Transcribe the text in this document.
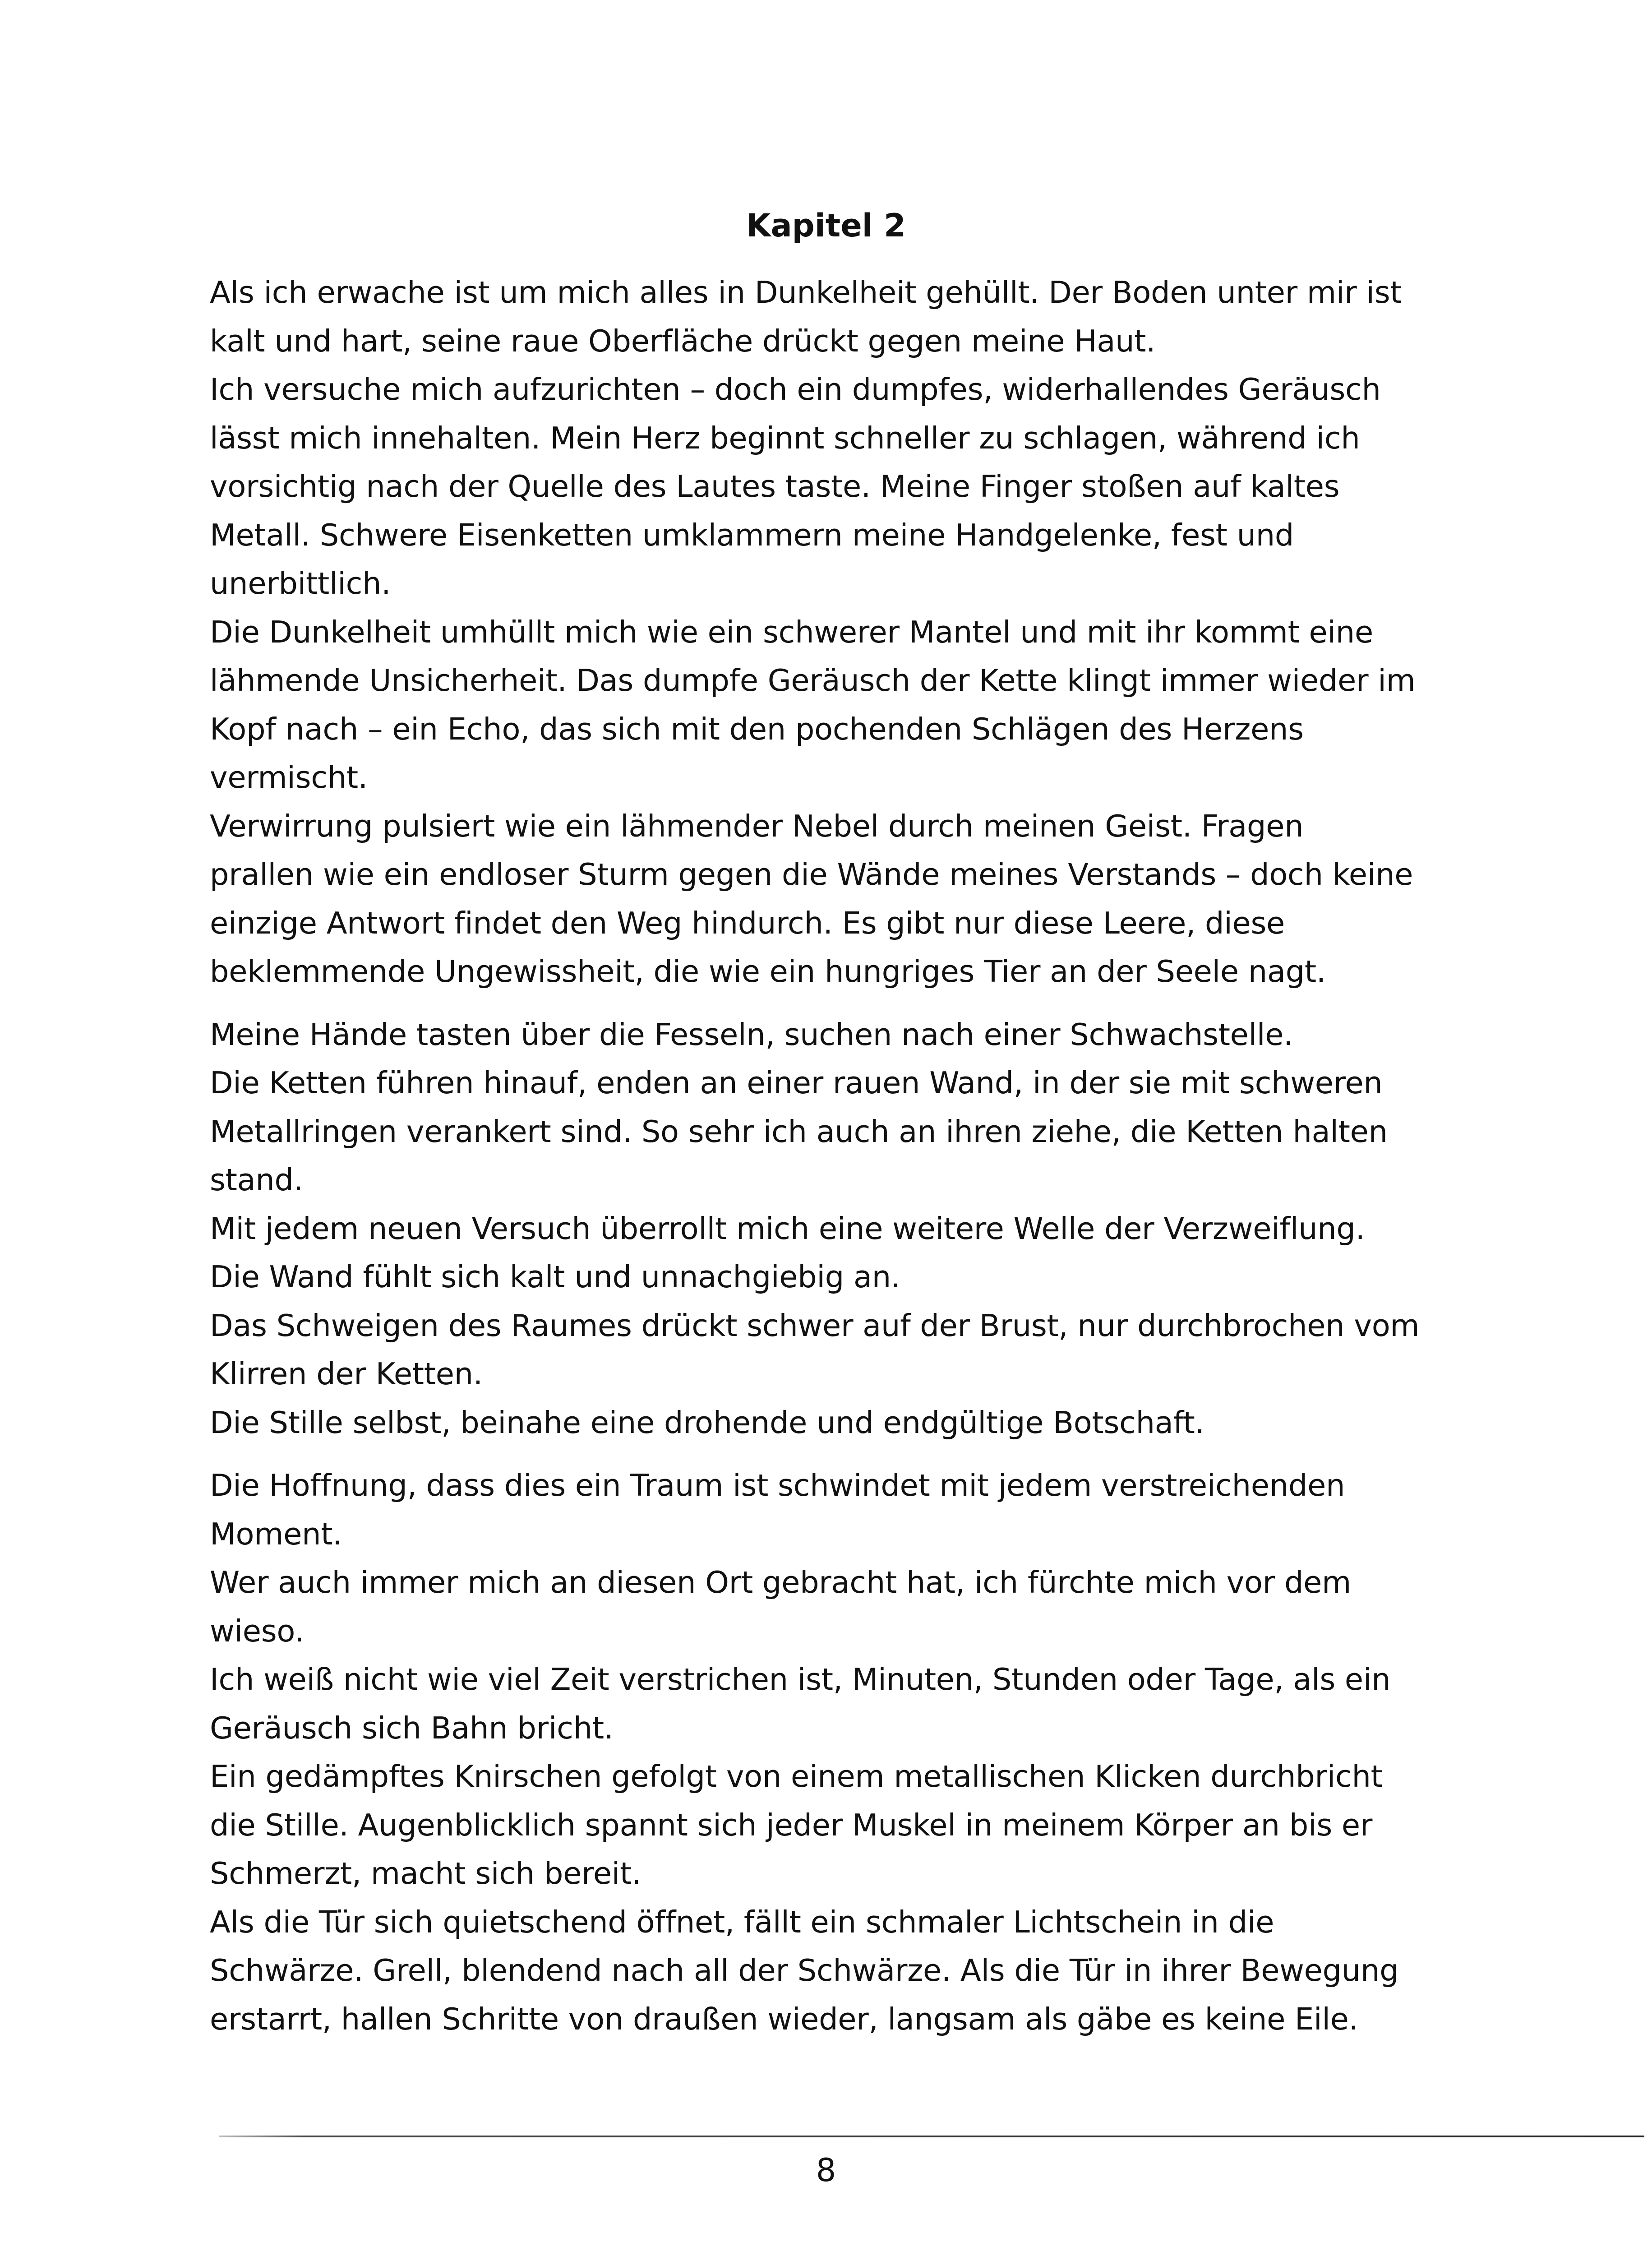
Kapitel 2

Als ich erwache ist um mich alles in Dunkelheit gehüllt. Der Boden unter mir ist
kalt und hart, seine raue Oberfläche drückt gegen meine Haut.
Ich versuche mich aufzurichten – doch ein dumpfes, widerhallendes Geräusch
lässt mich innehalten. Mein Herz beginnt schneller zu schlagen, während ich
vorsichtig nach der Quelle des Lautes taste. Meine Finger stoßen auf kaltes
Metall. Schwere Eisenketten umklammern meine Handgelenke, fest und
unerbittlich.
Die Dunkelheit umhüllt mich wie ein schwerer Mantel und mit ihr kommt eine
lähmende Unsicherheit. Das dumpfe Geräusch der Kette klingt immer wieder im
Kopf nach – ein Echo, das sich mit den pochenden Schlägen des Herzens
vermischt.
Verwirrung pulsiert wie ein lähmender Nebel durch meinen Geist. Fragen
prallen wie ein endloser Sturm gegen die Wände meines Verstands – doch keine
einzige Antwort findet den Weg hindurch. Es gibt nur diese Leere, diese
beklemmende Ungewissheit, die wie ein hungriges Tier an der Seele nagt.

Meine Hände tasten über die Fesseln, suchen nach einer Schwachstelle.
Die Ketten führen hinauf, enden an einer rauen Wand, in der sie mit schweren
Metallringen verankert sind. So sehr ich auch an ihren ziehe, die Ketten halten
stand.
Mit jedem neuen Versuch überrollt mich eine weitere Welle der Verzweiflung.
Die Wand fühlt sich kalt und unnachgiebig an.
Das Schweigen des Raumes drückt schwer auf der Brust, nur durchbrochen vom
Klirren der Ketten.
Die Stille selbst, beinahe eine drohende und endgültige Botschaft.

Die Hoffnung, dass dies ein Traum ist schwindet mit jedem verstreichenden
Moment.
Wer auch immer mich an diesen Ort gebracht hat, ich fürchte mich vor dem
wieso.
Ich weiß nicht wie viel Zeit verstrichen ist, Minuten, Stunden oder Tage, als ein
Geräusch sich Bahn bricht.
Ein gedämpftes Knirschen gefolgt von einem metallischen Klicken durchbricht
die Stille. Augenblicklich spannt sich jeder Muskel in meinem Körper an bis er
Schmerzt, macht sich bereit.
Als die Tür sich quietschend öffnet, fällt ein schmaler Lichtschein in die
Schwärze. Grell, blendend nach all der Schwärze. Als die Tür in ihrer Bewegung
erstarrt, hallen Schritte von draußen wieder, langsam als gäbe es keine Eile.

8
